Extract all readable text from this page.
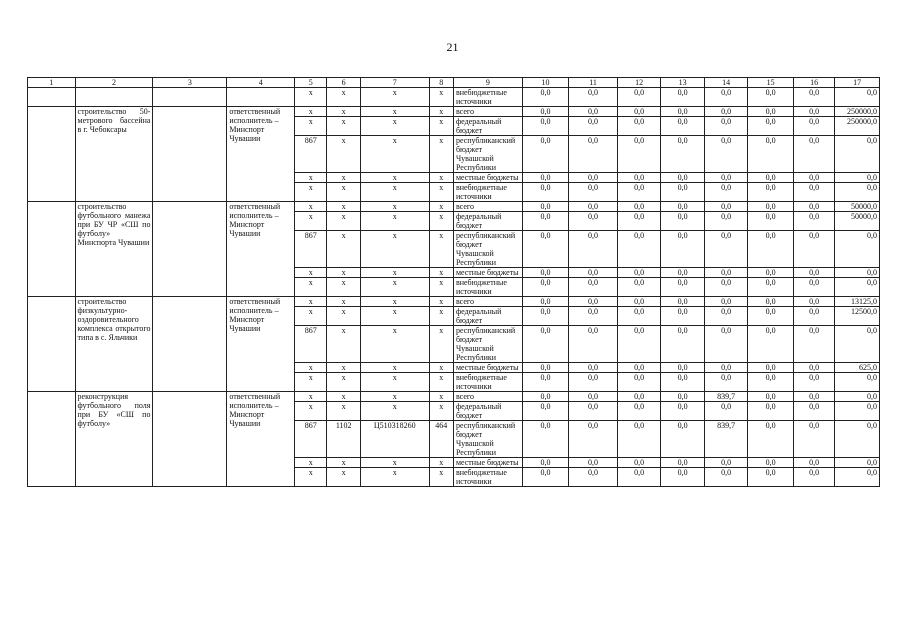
21
1	2	3	4	5	6	7	8	9	10	11	12	13	14	15	16	17
				х	х	х	х	внебюджетные источники	0,0	0,0	0,0	0,0	0,0	0,0	0,0	0,0
	строительство 50-метрового бассейна в г. Чебоксары		ответственный исполнитель – Минспорт Чувашии	х	х	х	х	всего	0,0	0,0	0,0	0,0	0,0	0,0	0,0	250000,0
				х	х	х	х	федеральный бюджет	0,0	0,0	0,0	0,0	0,0	0,0	0,0	250000,0
				867	х	х	х	республиканский бюджет Чувашской Республики	0,0	0,0	0,0	0,0	0,0	0,0	0,0	0,0
				х	х	х	х	местные бюджеты	0,0	0,0	0,0	0,0	0,0	0,0	0,0	0,0
				х	х	х	х	внебюджетные источники	0,0	0,0	0,0	0,0	0,0	0,0	0,0	0,0
	строительство футбольного манежа при БУ ЧР «СШ по футболу» Минспорта Чувашии		ответственный исполнитель – Минспорт Чувашии	х	х	х	х	всего	0,0	0,0	0,0	0,0	0,0	0,0	0,0	50000,0
				х	х	х	х	федеральный бюджет	0,0	0,0	0,0	0,0	0,0	0,0	0,0	50000,0
				867	х	х	х	республиканский бюджет Чувашской Республики	0,0	0,0	0,0	0,0	0,0	0,0	0,0	0,0
				х	х	х	х	местные бюджеты	0,0	0,0	0,0	0,0	0,0	0,0	0,0	0,0
				х	х	х	х	внебюджетные источники	0,0	0,0	0,0	0,0	0,0	0,0	0,0	0,0
	строительство физкультурно-оздоровительного комплекса открытого типа в с. Яльчики		ответственный исполнитель – Минспорт Чувашии	х	х	х	х	всего	0,0	0,0	0,0	0,0	0,0	0,0	0,0	13125,0
				х	х	х	х	федеральный бюджет	0,0	0,0	0,0	0,0	0,0	0,0	0,0	12500,0
				867	х	х	х	республиканский бюджет Чувашской Республики	0,0	0,0	0,0	0,0	0,0	0,0	0,0	0,0
				х	х	х	х	местные бюджеты	0,0	0,0	0,0	0,0	0,0	0,0	0,0	625,0
				х	х	х	х	внебюджетные источники	0,0	0,0	0,0	0,0	0,0	0,0	0,0	0,0
	реконструкция футбольного поля при БУ «СШ по футболу»		ответственный исполнитель – Минспорт Чувашии	х	х	х	х	всего	0,0	0,0	0,0	0,0	839,7	0,0	0,0	0,0
				х	х	х	х	федеральный бюджет	0,0	0,0	0,0	0,0	0,0	0,0	0,0	0,0
				867	1102	Ц510318260	464	республиканский бюджет Чувашской Республики	0,0	0,0	0,0	0,0	839,7	0,0	0,0	0,0
				х	х	х	х	местные бюджеты	0,0	0,0	0,0	0,0	0,0	0,0	0,0	0,0
				х	х	х	х	внебюджетные источники	0,0	0,0	0,0	0,0	0,0	0,0	0,0	0,0
